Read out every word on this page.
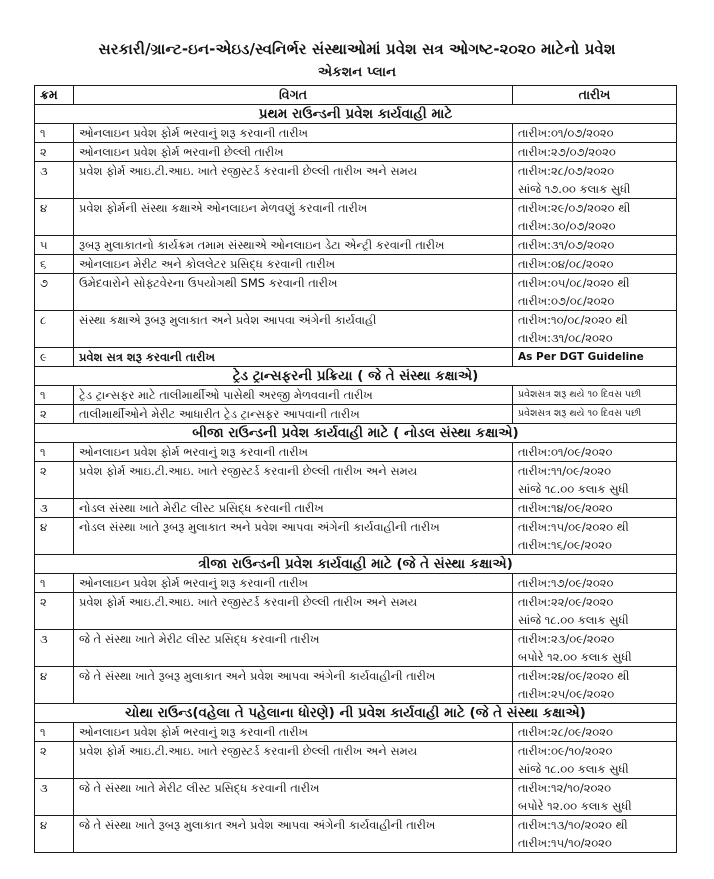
સરકારી/ગ્રાન્ટ-ઇન-એઇડ/સ્વનિર્ભર સંસ્થાઓમાં પ્રવેશ સત્ર ઓગષ્ટ-૨૦૨૦ માટેનો પ્રવેશ
એકશન પ્લાન
ક્રમ	વિગત	તારીખ
પ્રથમ રાઉન્ડની પ્રવેશ કાર્યવાહી માટે		
૧	ઓનલાઇન પ્રવેશ ફોર્મ ભરવાનું શરૂ કરવાની તારીખ	તારીખ:૦૧/૦૭/૨૦૨૦

૨	ઓનલાઇન પ્રવેશ ફોર્મ ભરવાની છેલ્લી તારીખ	તારીખ:૨૭/૦૭/૨૦૨૦

૩	પ્રવેશ ફોર્મ આઇ.ટી.આઇ. ખાતે રજીસ્ટર્ડ કરવાની છેલ્લી તારીખ અને સમય	તારીખ:૨૮/૦૭/૨૦૨૦
સાંજે ૧૭.૦૦ કલાક સુધી

૪	પ્રવેશ ફોર્મની સંસ્થા કક્ષાએ ઓનલાઇન મેળવણું કરવાની તારીખ	તારીખ:૨૯/૦૭/૨૦૨૦ થી
તારીખ:૩૦/૦૭/૨૦૨૦

૫	રૂબરૂ મુલાકાતનો કાર્યક્રમ તમામ સંસ્થાએ ઓનલાઇન ડેટા એન્ટ્રી કરવાની તારીખ	તારીખ:૩૧/૦૭/૨૦૨૦

૬	ઓનલાઇન મેરીટ અને કોલલેટર પ્રસિદ્ધ કરવાની તારીખ	તારીખ:૦૪/૦૮/૨૦૨૦

૭	ઉમેદવારોને સોફ્ટવેરના ઉપયોગથી SMS કરવાની તારીખ	તારીખ:૦૫/૦૮/૨૦૨૦ થી
તારીખ:૦૭/૦૮/૨૦૨૦

૮	સંસ્થા કક્ષાએ રૂબરૂ મુલાકાત અને પ્રવેશ આપવા અંગેની કાર્યવાહી	તારીખ:૧૦/૦૮/૨૦૨૦ થી
તારીખ:૩૧/૦૮/૨૦૨૦

૯	પ્રવેશ સત્ર શરૂ કરવાની તારીખ	As Per DGT Guideline

ટ્રેડ ટ્રાન્સફરની પ્રક્રિયા ( જે તે સંસ્થા કક્ષાએ)		
૧	ટ્રેડ ટ્રાન્સફર માટે તાલીમાર્થીઓ પાસેથી અરજી મેળવવાની તારીખ	પ્રવેશસત્ર શરૂ થયે ૧૦ દિવસ પછી

૨	તાલીમાર્થીઓને મેરીટ આધારીત ટ્રેડ ટ્રાન્સફર આપવાની તારીખ	પ્રવેશસત્ર શરૂ થયે ૧૦ દિવસ પછી

બીજા રાઉન્ડની પ્રવેશ કાર્યવાહી માટે ( નોડલ સંસ્થા કક્ષાએ)		
૧	ઓનલાઇન પ્રવેશ ફોર્મ ભરવાનું શરૂ કરવાની તારીખ	તારીખ:૦૧/૦૯/૨૦૨૦

૨	પ્રવેશ ફોર્મ આઇ.ટી.આઇ. ખાતે રજીસ્ટર્ડ કરવાની છેલ્લી તારીખ અને સમય	તારીખ:૧૧/૦૯/૨૦૨૦
સાંજે ૧૮.૦૦ કલાક સુધી

૩	નોડલ સંસ્થા ખાતે મેરીટ લીસ્ટ પ્રસિદ્ધ કરવાની તારીખ	તારીખ:૧૪/૦૯/૨૦૨૦

૪	નોડલ સંસ્થા ખાતે રૂબરૂ મુલાકાત અને પ્રવેશ આપવા અંગેની કાર્યવાહીની તારીખ	તારીખ:૧૫/૦૯/૨૦૨૦ થી
તારીખ:૧૬/૦૯/૨૦૨૦

ત્રીજા રાઉન્ડની પ્રવેશ કાર્યવાહી માટે (જે તે સંસ્થા કક્ષાએ)		
૧	ઓનલાઇન પ્રવેશ ફોર્મ ભરવાનું શરૂ કરવાની તારીખ	તારીખ:૧૭/૦૯/૨૦૨૦

૨	પ્રવેશ ફોર્મ આઇ.ટી.આઇ. ખાતે રજીસ્ટર્ડ કરવાની છેલ્લી તારીખ અને સમય	તારીખ:૨૨/૦૯/૨૦૨૦
સાંજે ૧૮.૦૦ કલાક સુધી

૩	જે તે સંસ્થા ખાતે મેરીટ લીસ્ટ પ્રસિદ્ધ કરવાની તારીખ	તારીખ:૨૩/૦૯/૨૦૨૦
બપોરે ૧૨.૦૦ કલાક સુધી

૪	જે તે સંસ્થા ખાતે રૂબરૂ મુલાકાત અને પ્રવેશ આપવા અંગેની કાર્યવાહીની તારીખ	તારીખ:૨૪/૦૯/૨૦૨૦ થી
તારીખ:૨૫/૦૯/૨૦૨૦

ચોથા રાઉન્ડ(વહેલા તે પહેલાના ધોરણે) ની પ્રવેશ કાર્યવાહી માટે (જે તે સંસ્થા કક્ષાએ)		
૧	ઓનલાઇન પ્રવેશ ફોર્મ ભરવાનું શરૂ કરવાની તારીખ	તારીખ:૨૮/૦૯/૨૦૨૦

૨	પ્રવેશ ફોર્મ આઇ.ટી.આઇ. ખાતે રજીસ્ટર્ડ કરવાની છેલ્લી તારીખ અને સમય	તારીખ:૦૯/૧૦/૨૦૨૦
સાંજે ૧૮.૦૦ કલાક સુધી

૩	જે તે સંસ્થા ખાતે મેરીટ લીસ્ટ પ્રસિદ્ધ કરવાની તારીખ	તારીખ:૧૨/૧૦/૨૦૨૦
બપોરે ૧૨.૦૦ કલાક સુધી

૪	જે તે સંસ્થા ખાતે રૂબરૂ મુલાકાત અને પ્રવેશ આપવા અંગેની કાર્યવાહીની તારીખ	તારીખ:૧૩/૧૦/૨૦૨૦ થી
તારીખ:૧૫/૧૦/૨૦૨૦
